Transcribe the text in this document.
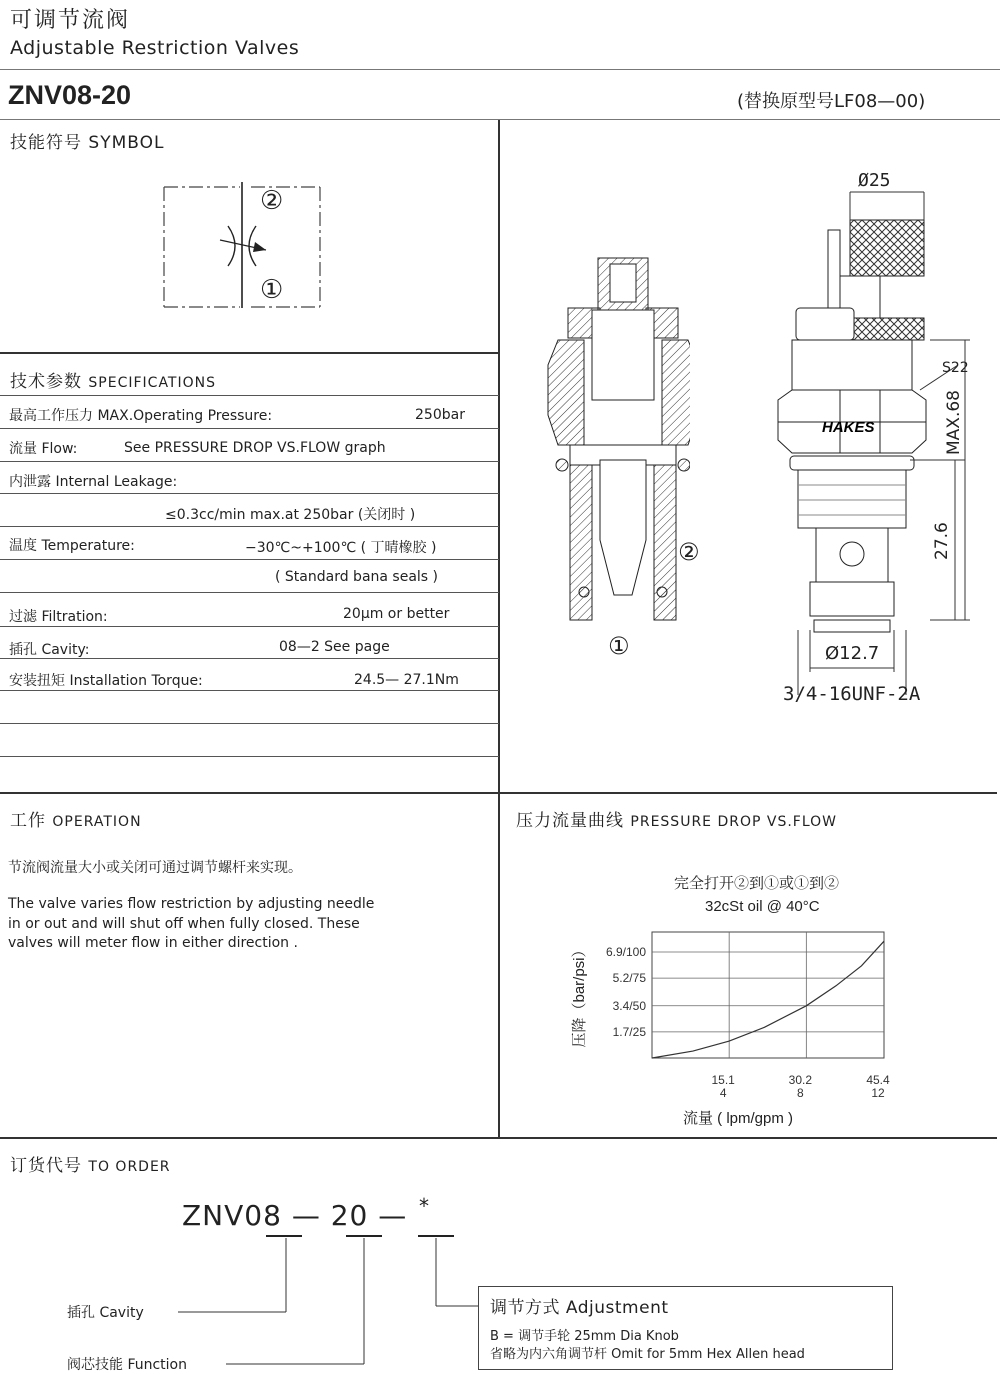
可调节流阀
Adjustable Restriction Valves
ZNV08-20	(替换原型号LF08—00)
技能符号 SYMBOL
②
①
技术参数 SPECIFICATIONS
最高工作压力 MAX.Operating Pressure:	250bar
流量 Flow:	See PRESSURE DROP VS.FLOW graph
内泄露 Internal Leakage:
≤0.3cc/min max.at 250bar (关闭时 )
温度 Temperature:	−30℃~+100℃ ( 丁晴橡胶 )
( Standard bana seals )
过滤 Filtration:	20μm or better
插孔 Cavity:	08—2 See page
安装扭矩 Installation Torque:	24.5— 27.1Nm
②
①
HAKES
Ø25
S22
MAX.68
27.6
Ø12.7
3/4-16UNF-2A
工作 OPERATION
节流阀流量大小或关闭可通过调节螺杆来实现。
The valve varies flow restriction by adjusting needle
in or out and will shut off when fully closed. These
valves will meter flow in either direction .
压力流量曲线 PRESSURE DROP VS.FLOW
完全打开②到①或①到②
32cSt oil @ 40°C
1.7/25
3.4/50
5.2/75
6.9/100
15.1
4
30.2
8
45.4
12
压降（bar/psi）
流量 ( lpm/gpm )
订货代号 TO ORDER
ZNV08 — 20 — *
插孔 Cavity
阀芯技能 Function
调节方式 Adjustment
B = 调节手轮 25mm Dia Knob
省略为内六角调节杆 Omit for 5mm Hex Allen head
